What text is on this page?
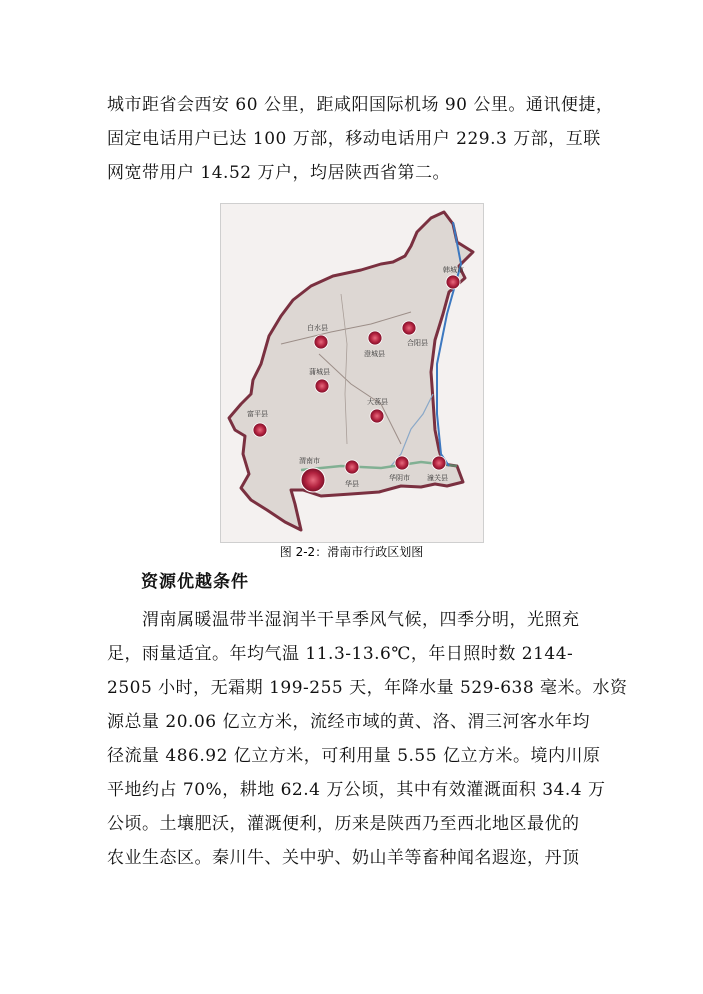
城市距省会西安 60 公里，距咸阳国际机场 90 公里。通讯便捷，
固定电话用户已达 100 万部，移动电话用户 229.3 万部，互联
网宽带用户 14.52 万户，均居陕西省第二。
韩城市
白水县
合阳县
澄城县
蒲城县
大荔县
富平县
渭南市
华县
华阴市 潼关县
图 2-2：滑南市行政区划图
资源优越条件
　　渭南属暖温带半湿润半干旱季风气候，四季分明，光照充
足，雨量适宜。年均气温 11.3-13.6℃，年日照时数 2144-
2505 小时，无霜期 199-255 天，年降水量 529-638 毫米。水资
源总量 20.06 亿立方米，流经市域的黄、洛、渭三河客水年均
径流量 486.92 亿立方米，可利用量 5.55 亿立方米。境内川原
平地约占 70%，耕地 62.4 万公顷，其中有效灌溉面积 34.4 万
公顷。土壤肥沃，灌溉便利，历来是陕西乃至西北地区最优的
农业生态区。秦川牛、关中驴、奶山羊等畜种闻名遐迩，丹顶
